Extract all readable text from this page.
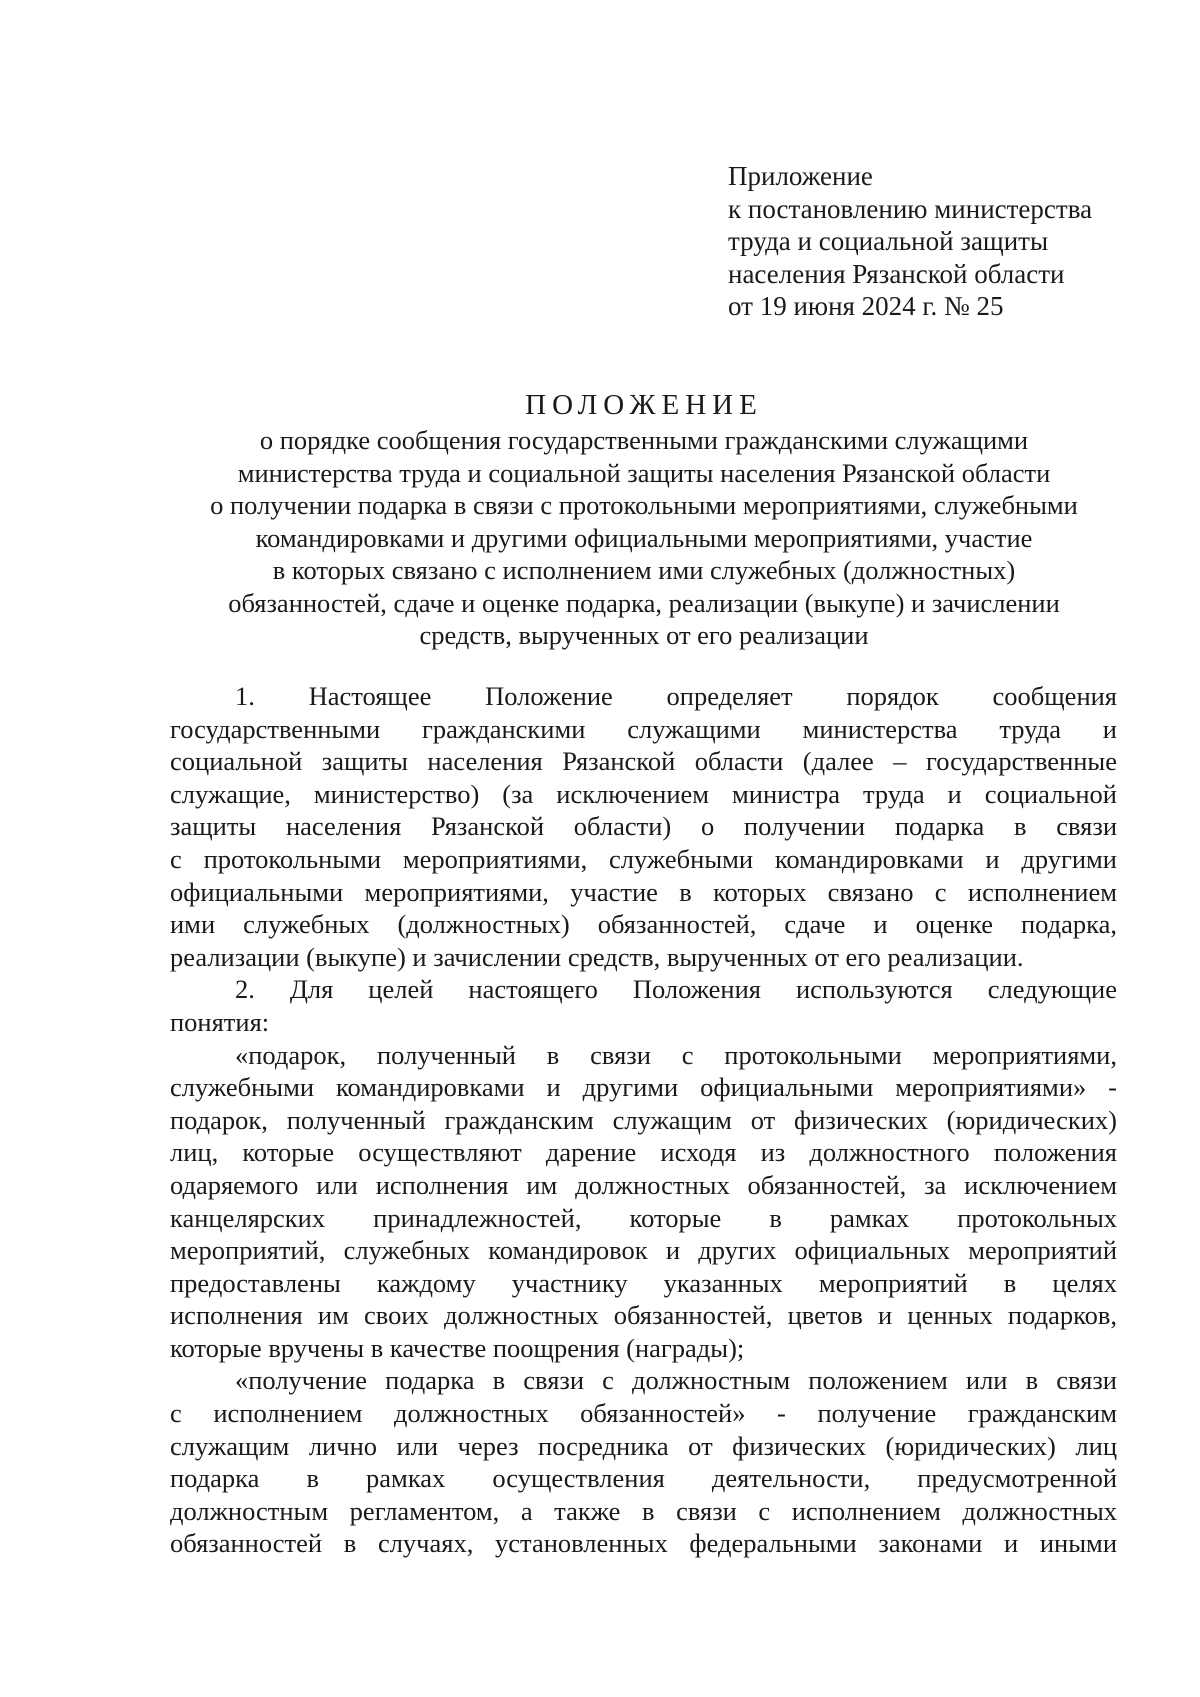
Приложение
к постановлению министерства
труда и социальной защиты
населения Рязанской области
от 19 июня 2024 г. № 25
ПОЛОЖЕНИЕ
о порядке сообщения государственными гражданскими служащими
министерства труда и социальной защиты населения Рязанской области
о получении подарка в связи с протокольными мероприятиями, служебными
командировками и другими официальными мероприятиями, участие
в которых связано с исполнением ими служебных (должностных)
обязанностей, сдаче и оценке подарка, реализации (выкупе) и зачислении
средств, вырученных от его реализации
1. Настоящее Положение определяет порядок сообщения
государственными гражданскими служащими министерства труда и
социальной защиты населения Рязанской области (далее – государственные
служащие, министерство) (за исключением министра труда и социальной
защиты населения Рязанской области) о получении подарка в связи
с протокольными мероприятиями, служебными командировками и другими
официальными мероприятиями, участие в которых связано с исполнением
ими служебных (должностных) обязанностей, сдаче и оценке подарка,
реализации (выкупе) и зачислении средств, вырученных от его реализации.
2. Для целей настоящего Положения используются следующие
понятия:
«подарок, полученный в связи с протокольными мероприятиями,
служебными командировками и другими официальными мероприятиями» -
подарок, полученный гражданским служащим от физических (юридических)
лиц, которые осуществляют дарение исходя из должностного положения
одаряемого или исполнения им должностных обязанностей, за исключением
канцелярских принадлежностей, которые в рамках протокольных
мероприятий, служебных командировок и других официальных мероприятий
предоставлены каждому участнику указанных мероприятий в целях
исполнения им своих должностных обязанностей, цветов и ценных подарков,
которые вручены в качестве поощрения (награды);
«получение подарка в связи с должностным положением или в связи
с исполнением должностных обязанностей» - получение гражданским
служащим лично или через посредника от физических (юридических) лиц
подарка в рамках осуществления деятельности, предусмотренной
должностным регламентом, а также в связи с исполнением должностных
обязанностей в случаях, установленных федеральными законами и иными
